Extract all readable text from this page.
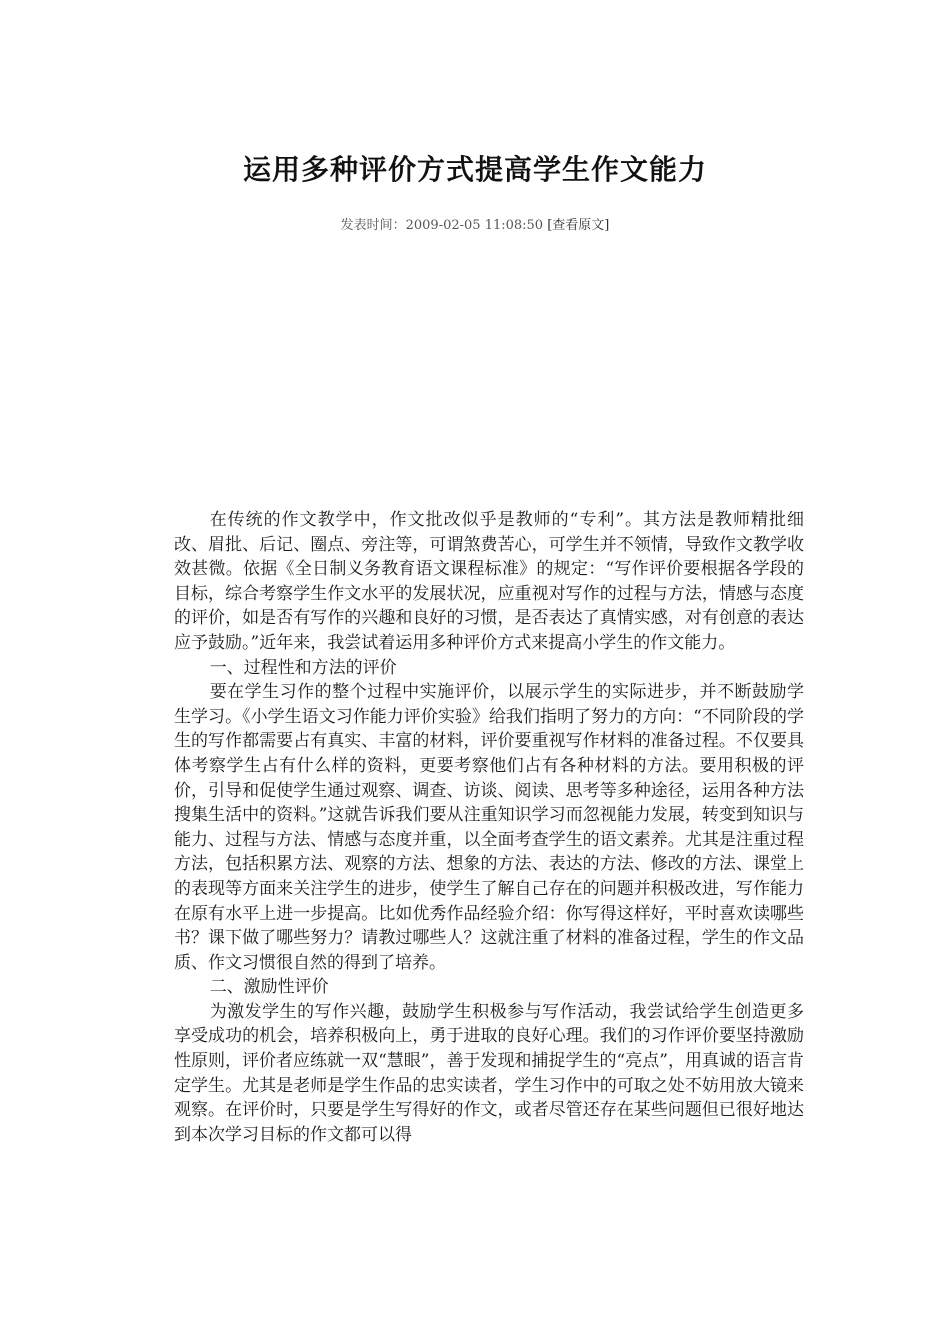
运用多种评价方式提高学生作文能力
发表时间：2009-02-05 11:08:50 [查看原文]

在传统的作文教学中，作文批改似乎是教师的“专利”。其方法是教师精批细改、眉批、后记、圈点、旁注等，可谓煞费苦心，可学生并不领情，导致作文教学收效甚微。依据《全日制义务教育语文课程标准》的规定：“写作评价要根据各学段的目标，综合考察学生作文水平的发展状况，应重视对写作的过程与方法，情感与态度的评价，如是否有写作的兴趣和良好的习惯，是否表达了真情实感，对有创意的表达应予鼓励。”近年来，我尝试着运用多种评价方式来提高小学生的作文能力。

一、过程性和方法的评价

要在学生习作的整个过程中实施评价，以展示学生的实际进步，并不断鼓励学生学习。《小学生语文习作能力评价实验》给我们指明了努力的方向：“不同阶段的学生的写作都需要占有真实、丰富的材料，评价要重视写作材料的准备过程。不仅要具体考察学生占有什么样的资料，更要考察他们占有各种材料的方法。要用积极的评价，引导和促使学生通过观察、调查、访谈、阅读、思考等多种途径，运用各种方法搜集生活中的资料。”这就告诉我们要从注重知识学习而忽视能力发展，转变到知识与能力、过程与方法、情感与态度并重，以全面考查学生的语文素养。尤其是注重过程方法，包括积累方法、观察的方法、想象的方法、表达的方法、修改的方法、课堂上的表现等方面来关注学生的进步，使学生了解自己存在的问题并积极改进，写作能力在原有水平上进一步提高。比如优秀作品经验介绍：你写得这样好，平时喜欢读哪些书？课下做了哪些努力？请教过哪些人？这就注重了材料的准备过程，学生的作文品质、作文习惯很自然的得到了培养。

二、激励性评价

为激发学生的写作兴趣，鼓励学生积极参与写作活动，我尝试给学生创造更多享受成功的机会，培养积极向上，勇于进取的良好心理。我们的习作评价要坚持激励性原则，评价者应练就一双“慧眼”，善于发现和捕捉学生的“亮点”，用真诚的语言肯定学生。尤其是老师是学生作品的忠实读者，学生习作中的可取之处不妨用放大镜来观察。在评价时，只要是学生写得好的作文，或者尽管还存在某些问题但已很好地达到本次学习目标的作文都可以得
